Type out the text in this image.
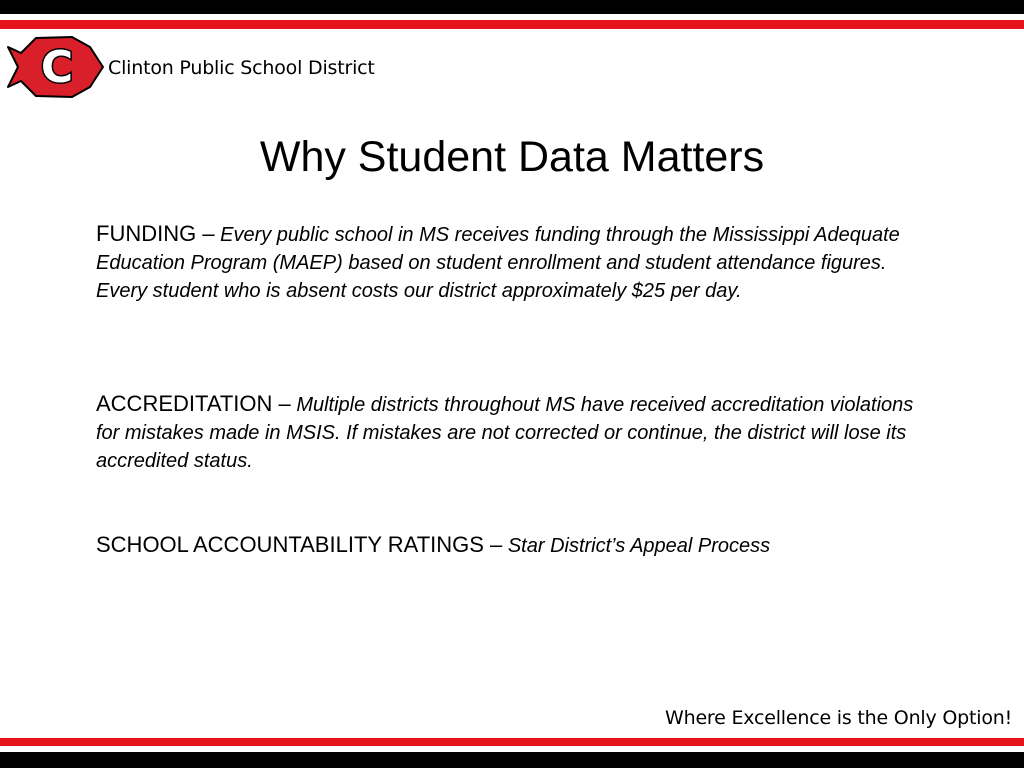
C Clinton Public School District
Why Student Data Matters
FUNDING – Every public school in MS receives funding through the Mississippi Adequate Education Program (MAEP) based on student enrollment and student attendance figures. Every student who is absent costs our district approximately $25 per day.
ACCREDITATION – Multiple districts throughout MS have received accreditation violations for mistakes made in MSIS. If mistakes are not corrected or continue, the district will lose its accredited status.
SCHOOL ACCOUNTABILITY RATINGS – Star District’s Appeal Process
Where Excellence is the Only Option!
